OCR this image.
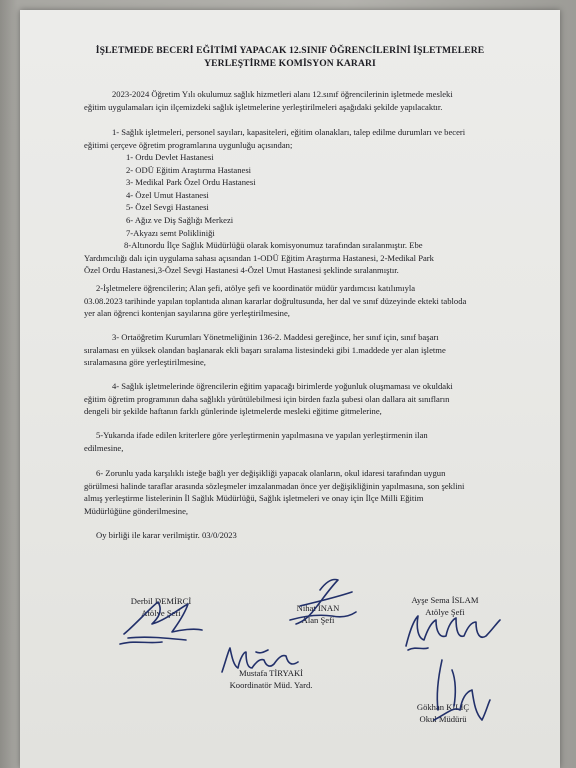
İŞLETMEDE BECERİ EĞİTİMİ YAPACAK 12.SINIF ÖĞRENCİLERİNİ İŞLETMELERE
YERLEŞTİRME KOMİSYON KARARI
2023-2024 Öğretim Yılı okulumuz sağlık hizmetleri alanı 12.sınıf öğrencilerinin işletmede mesleki
eğitim uygulamaları için ilçemizdeki sağlık işletmelerine yerleştirilmeleri aşağıdaki şekilde yapılacaktır.
1- Sağlık işletmeleri, personel sayıları, kapasiteleri, eğitim olanakları, talep edilme durumları ve beceri
eğitimi çerçeve öğretim programlarına uygunluğu açısından;
1- Ordu Devlet Hastanesi
2- ODÜ Eğitim Araştırma Hastanesi
3- Medikal Park Özel Ordu Hastanesi
4- Özel Umut Hastanesi
5- Özel Sevgi Hastanesi
6- Ağız ve Diş Sağlığı Merkezi
7-Akyazı semt Polikliniği
8-Altınordu İlçe Sağlık Müdürlüğü olarak komisyonumuz tarafından sıralanmıştır. Ebe
Yardımcılığı dalı için uygulama sahası açısından 1-ODÜ Eğitim Araştırma Hastanesi, 2-Medikal Park
Özel Ordu Hastanesi,3-Özel Sevgi Hastanesi 4-Özel Umut Hastanesi şeklinde sıralanmıştır.
2-İşletmelere öğrencilerin; Alan şefi, atölye şefi ve koordinatör müdür yardımcısı katılımıyla
03.08.2023 tarihinde yapılan toplantıda alınan kararlar doğrultusunda, her dal ve sınıf düzeyinde ekteki tabloda
yer alan öğrenci kontenjan sayılarına göre yerleştirilmesine,
3- Ortaöğretim Kurumları Yönetmeliğinin 136-2. Maddesi gereğince, her sınıf için, sınıf başarı
sıralaması en yüksek olandan başlanarak ekli başarı sıralama listesindeki gibi 1.maddede yer alan işletme
sıralamasına göre yerleştirilmesine,
4- Sağlık işletmelerinde öğrencilerin eğitim yapacağı birimlerde yoğunluk oluşmaması ve okuldaki
eğitim öğretim programının daha sağlıklı yürütülebilmesi için birden fazla şubesi olan dallara ait sınıfların
dengeli bir şekilde haftanın farklı günlerinde işletmelerde mesleki eğitime gitmelerine,
5-Yukarıda ifade edilen kriterlere göre yerleştirmenin yapılmasına ve yapılan yerleştirmenin ilan
edilmesine,
6- Zorunlu yada karşılıklı isteğe bağlı yer değişikliği yapacak olanların, okul idaresi tarafından uygun
görülmesi halinde taraflar arasında sözleşmeler imzalanmadan önce yer değişikliğinin yapılmasına, son şeklini
almış yerleştirme listelerinin İl Sağlık Müdürlüğü, Sağlık işletmeleri ve onay için İlçe Milli Eğitim
Müdürlüğüne gönderilmesine,
Oy birliği ile karar verilmiştir. 03/0/2023
Derbil DEMİRCİ
Atölye Şefi	Nihat İNAN
Alan Şefi
Ayşe Sema İSLAM
Atölye Şefi
Mustafa TİRYAKİ
Koordinatör Müd. Yard.
Gökhan KILIÇ
Okul Müdürü
